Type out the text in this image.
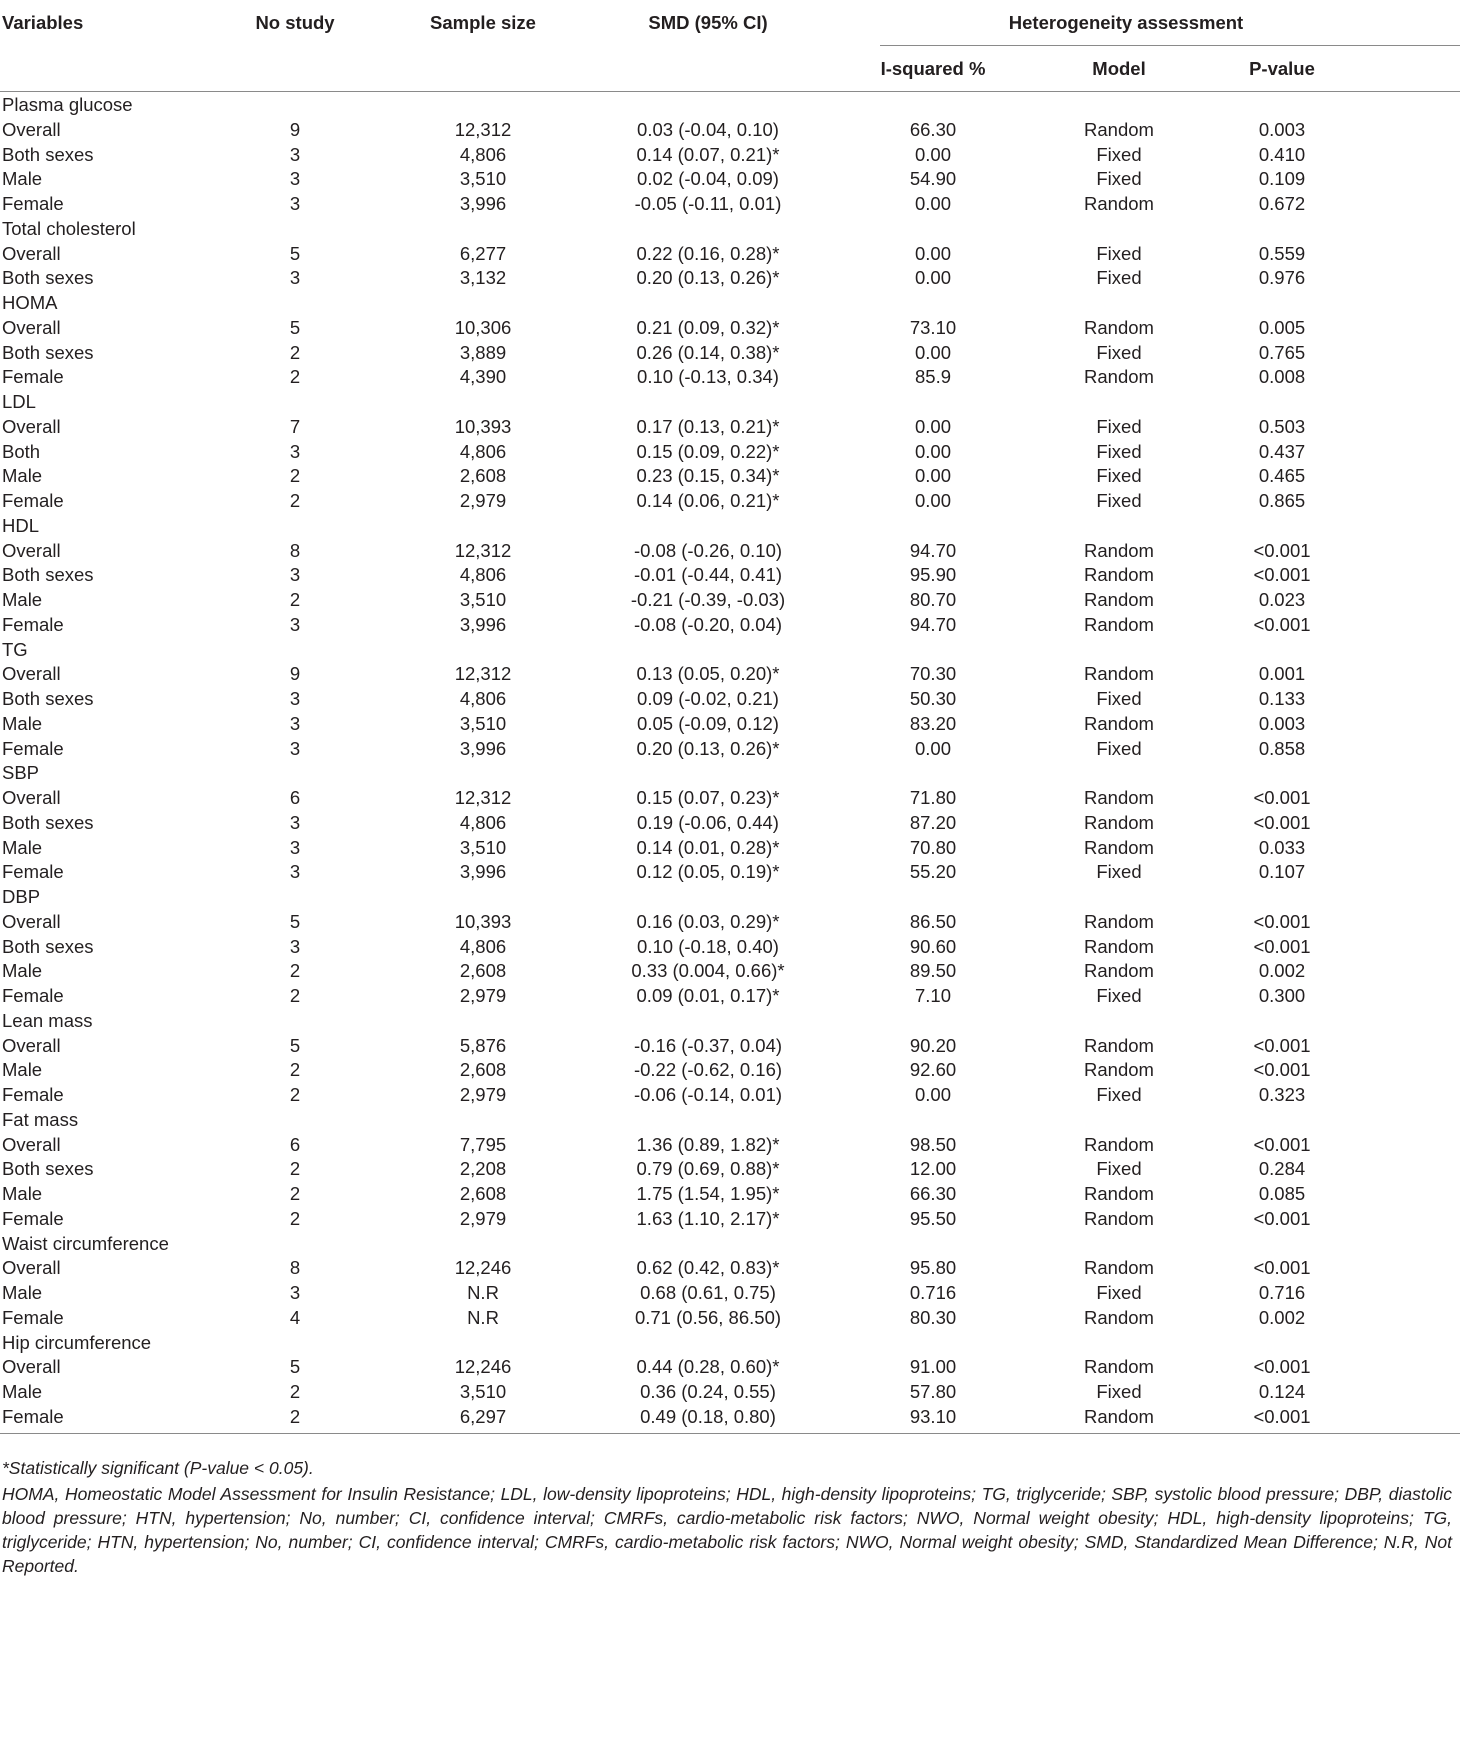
Variables	No study	Sample size	SMD (95% CI)	Heterogeneity assessment
I-squared %	Model	P-value
Plasma glucose
Overall	9	12,312	0.03 (-0.04, 0.10)	66.30	Random	0.003
Both sexes	3	4,806	0.14 (0.07, 0.21)*	0.00	Fixed	0.410
Male	3	3,510	0.02 (-0.04, 0.09)	54.90	Fixed	0.109
Female	3	3,996	-0.05 (-0.11, 0.01)	0.00	Random	0.672
Total cholesterol
Overall	5	6,277	0.22 (0.16, 0.28)*	0.00	Fixed	0.559
Both sexes	3	3,132	0.20 (0.13, 0.26)*	0.00	Fixed	0.976
HOMA
Overall	5	10,306	0.21 (0.09, 0.32)*	73.10	Random	0.005
Both sexes	2	3,889	0.26 (0.14, 0.38)*	0.00	Fixed	0.765
Female	2	4,390	0.10 (-0.13, 0.34)	85.9	Random	0.008
LDL
Overall	7	10,393	0.17 (0.13, 0.21)*	0.00	Fixed	0.503
Both	3	4,806	0.15 (0.09, 0.22)*	0.00	Fixed	0.437
Male	2	2,608	0.23 (0.15, 0.34)*	0.00	Fixed	0.465
Female	2	2,979	0.14 (0.06, 0.21)*	0.00	Fixed	0.865
HDL
Overall	8	12,312	-0.08 (-0.26, 0.10)	94.70	Random	<0.001
Both sexes	3	4,806	-0.01 (-0.44, 0.41)	95.90	Random	<0.001
Male	2	3,510	-0.21 (-0.39, -0.03)	80.70	Random	0.023
Female	3	3,996	-0.08 (-0.20, 0.04)	94.70	Random	<0.001
TG
Overall	9	12,312	0.13 (0.05, 0.20)*	70.30	Random	0.001
Both sexes	3	4,806	0.09 (-0.02, 0.21)	50.30	Fixed	0.133
Male	3	3,510	0.05 (-0.09, 0.12)	83.20	Random	0.003
Female	3	3,996	0.20 (0.13, 0.26)*	0.00	Fixed	0.858
SBP
Overall	6	12,312	0.15 (0.07, 0.23)*	71.80	Random	<0.001
Both sexes	3	4,806	0.19 (-0.06, 0.44)	87.20	Random	<0.001
Male	3	3,510	0.14 (0.01, 0.28)*	70.80	Random	0.033
Female	3	3,996	0.12 (0.05, 0.19)*	55.20	Fixed	0.107
DBP
Overall	5	10,393	0.16 (0.03, 0.29)*	86.50	Random	<0.001
Both sexes	3	4,806	0.10 (-0.18, 0.40)	90.60	Random	<0.001
Male	2	2,608	0.33 (0.004, 0.66)*	89.50	Random	0.002
Female	2	2,979	0.09 (0.01, 0.17)*	7.10	Fixed	0.300
Lean mass
Overall	5	5,876	-0.16 (-0.37, 0.04)	90.20	Random	<0.001
Male	2	2,608	-0.22 (-0.62, 0.16)	92.60	Random	<0.001
Female	2	2,979	-0.06 (-0.14, 0.01)	0.00	Fixed	0.323
Fat mass
Overall	6	7,795	1.36 (0.89, 1.82)*	98.50	Random	<0.001
Both sexes	2	2,208	0.79 (0.69, 0.88)*	12.00	Fixed	0.284
Male	2	2,608	1.75 (1.54, 1.95)*	66.30	Random	0.085
Female	2	2,979	1.63 (1.10, 2.17)*	95.50	Random	<0.001
Waist circumference
Overall	8	12,246	0.62 (0.42, 0.83)*	95.80	Random	<0.001
Male	3	N.R	0.68 (0.61, 0.75)	0.716	Fixed	0.716
Female	4	N.R	0.71 (0.56, 86.50)	80.30	Random	0.002
Hip circumference
Overall	5	12,246	0.44 (0.28, 0.60)*	91.00	Random	<0.001
Male	2	3,510	0.36 (0.24, 0.55)	57.80	Fixed	0.124
Female	2	6,297	0.49 (0.18, 0.80)	93.10	Random	<0.001

*Statistically significant (P-value < 0.05).

HOMA, Homeostatic Model Assessment for Insulin Resistance; LDL, low-density lipoproteins; HDL, high-density lipoproteins; TG, triglyceride; SBP, systolic blood pressure; DBP, diastolic blood pressure; HTN, hypertension; No, number; CI, confidence interval; CMRFs, cardio-metabolic risk factors; NWO, Normal weight obesity; HDL, high-density lipoproteins; TG, triglyceride; HTN, hypertension; No, number; CI, confidence interval; CMRFs, cardio-metabolic risk factors; NWO, Normal weight obesity; SMD, Standardized Mean Difference; N.R, Not Reported.
